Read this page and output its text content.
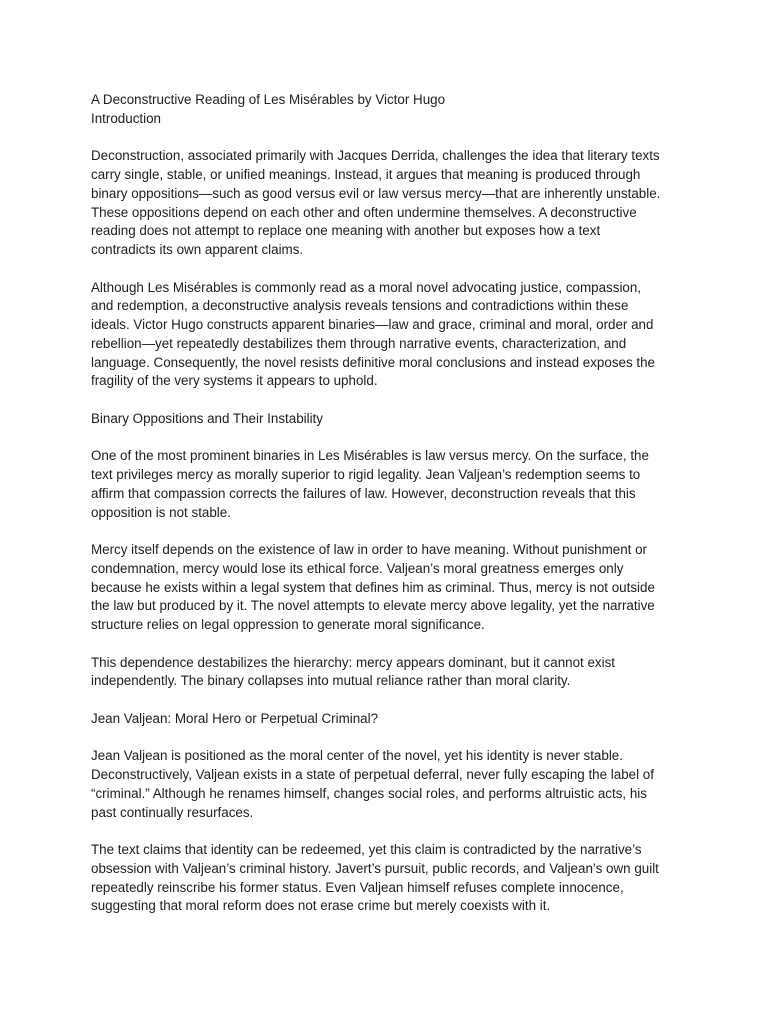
A Deconstructive Reading of Les Misérables by Victor Hugo
Introduction

Deconstruction, associated primarily with Jacques Derrida, challenges the idea that literary texts
carry single, stable, or unified meanings. Instead, it argues that meaning is produced through
binary oppositions—such as good versus evil or law versus mercy—that are inherently unstable.
These oppositions depend on each other and often undermine themselves. A deconstructive
reading does not attempt to replace one meaning with another but exposes how a text
contradicts its own apparent claims.

Although Les Misérables is commonly read as a moral novel advocating justice, compassion,
and redemption, a deconstructive analysis reveals tensions and contradictions within these
ideals. Victor Hugo constructs apparent binaries—law and grace, criminal and moral, order and
rebellion—yet repeatedly destabilizes them through narrative events, characterization, and
language. Consequently, the novel resists definitive moral conclusions and instead exposes the
fragility of the very systems it appears to uphold.

Binary Oppositions and Their Instability

One of the most prominent binaries in Les Misérables is law versus mercy. On the surface, the
text privileges mercy as morally superior to rigid legality. Jean Valjean’s redemption seems to
affirm that compassion corrects the failures of law. However, deconstruction reveals that this
opposition is not stable.

Mercy itself depends on the existence of law in order to have meaning. Without punishment or
condemnation, mercy would lose its ethical force. Valjean’s moral greatness emerges only
because he exists within a legal system that defines him as criminal. Thus, mercy is not outside
the law but produced by it. The novel attempts to elevate mercy above legality, yet the narrative
structure relies on legal oppression to generate moral significance.

This dependence destabilizes the hierarchy: mercy appears dominant, but it cannot exist
independently. The binary collapses into mutual reliance rather than moral clarity.

Jean Valjean: Moral Hero or Perpetual Criminal?

Jean Valjean is positioned as the moral center of the novel, yet his identity is never stable.
Deconstructively, Valjean exists in a state of perpetual deferral, never fully escaping the label of
“criminal.” Although he renames himself, changes social roles, and performs altruistic acts, his
past continually resurfaces.

The text claims that identity can be redeemed, yet this claim is contradicted by the narrative’s
obsession with Valjean’s criminal history. Javert’s pursuit, public records, and Valjean’s own guilt
repeatedly reinscribe his former status. Even Valjean himself refuses complete innocence,
suggesting that moral reform does not erase crime but merely coexists with it.
